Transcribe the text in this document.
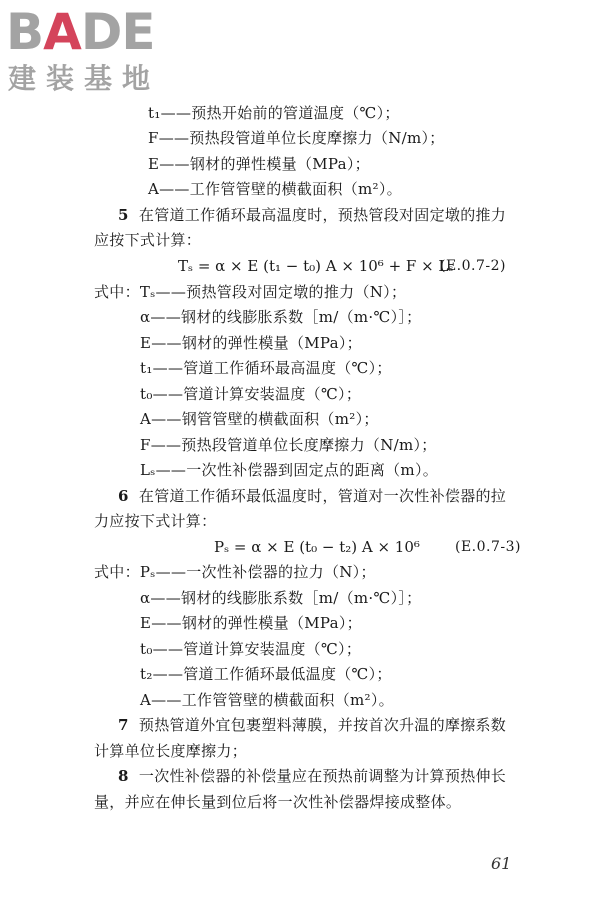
BADE
建装基地
t₁——预热开始前的管道温度（℃）；
F——预热段管道单位长度摩擦力（N/m）；
E——钢材的弹性模量（MPa）；
A——工作管管壁的横截面积（m²）。
5 在管道工作循环最高温度时，预热管段对固定墩的推力
应按下式计算：
Tₛ = α × E (t₁ − t₀) A × 10⁶ + F × Lₛ
(E.0.7-2)
式中：Tₛ——预热管段对固定墩的推力（N）；
α——钢材的线膨胀系数［m/（m·℃）］；
E——钢材的弹性模量（MPa）；
t₁——管道工作循环最高温度（℃）；
t₀——管道计算安装温度（℃）；
A——钢管管壁的横截面积（m²）；
F——预热段管道单位长度摩擦力（N/m）；
Lₛ——一次性补偿器到固定点的距离（m）。
6 在管道工作循环最低温度时，管道对一次性补偿器的拉
力应按下式计算：
Pₛ = α × E (t₀ − t₂) A × 10⁶	(E.0.7-3)
式中：Pₛ——一次性补偿器的拉力（N）；
α——钢材的线膨胀系数［m/（m·℃）］；
E——钢材的弹性模量（MPa）；
t₀——管道计算安装温度（℃）；
t₂——管道工作循环最低温度（℃）；
A——工作管管壁的横截面积（m²）。
7 预热管道外宜包裹塑料薄膜，并按首次升温的摩擦系数
计算单位长度摩擦力；
8 一次性补偿器的补偿量应在预热前调整为计算预热伸长
量，并应在伸长量到位后将一次性补偿器焊接成整体。
61
